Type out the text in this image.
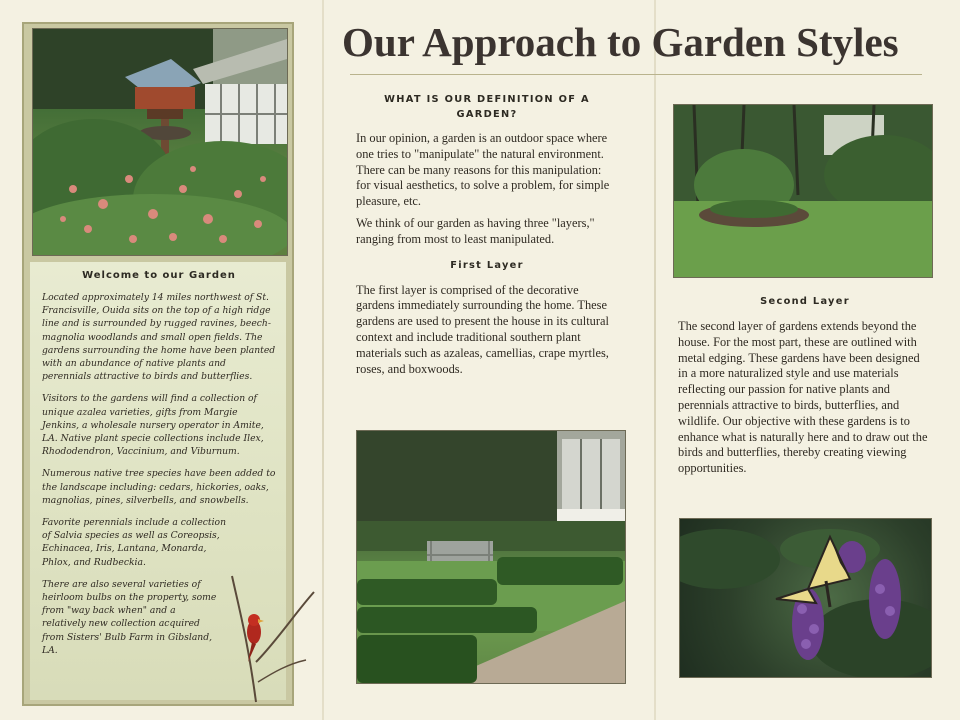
Welcome to our Garden

Located approximately 14 miles northwest of St. Francisville, Ouida sits on the top of a high ridge line and is surrounded by rugged ravines, beech-magnolia woodlands and small open fields. The gardens surrounding the home have been planted with an abundance of native plants and perennials attractive to birds and butterflies.

Visitors to the gardens will find a collection of unique azalea varieties, gifts from Margie Jenkins, a wholesale nursery operator in Amite, LA. Native plant specie collections include Ilex, Rhododendron, Vaccinium, and Viburnum.

Numerous native tree species have been added to the landscape including: cedars, hickories, oaks, magnolias, pines, silverbells, and snowbells.

Favorite perennials include a collection of Salvia species as well as Coreopsis, Echinacea, Iris, Lantana, Monarda, Phlox, and Rudbeckia.

There are also several varieties of heirloom bulbs on the property, some from "way back when" and a relatively new collection acquired from Sisters' Bulb Farm in Gibsland, LA.

Our Approach to Garden Styles

WHAT IS OUR DEFINITION OF A GARDEN?

In our opinion, a garden is an outdoor space where one tries to "manipulate" the natural environment. There can be many reasons for this manipulation: for visual aesthetics, to solve a problem, for simple pleasure, etc.

We think of our garden as having three "layers," ranging from most to least manipulated.

First Layer

The first layer is comprised of the decorative gardens immediately surrounding the home. These gardens are used to present the house in its cultural context and include traditional southern plant materials such as azaleas, camellias, crape myrtles, roses, and boxwoods.

Second Layer

The second layer of gardens extends beyond the house. For the most part, these are outlined with metal edging. These gardens have been designed in a more naturalized style and use materials reflecting our passion for native plants and perennials attractive to birds, butterflies, and wildlife. Our objective with these gardens is to enhance what is naturally here and to draw out the birds and butterflies, thereby creating viewing opportunities.
